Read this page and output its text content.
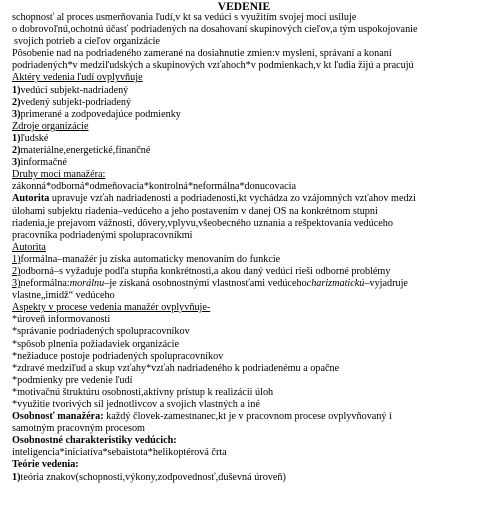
VEDENIE

schopnosť al proces usmerňovania ľudí,v kt sa vedúci s využitím svojej moci usiluje

o dobrovoľnú,ochotnú účasť podriadených na dosahovaní skupinových cieľov,a tým uspokojovanie

svojich potrieb a cieľov organizácie

Pôsobenie nad na podriadeného zamerané na dosiahnutie zmien:v myslení, správaní a konaní

podriadených*v medziľudských a skupinových vzťahoch*v podmienkach,v kt ľudia žijú a pracujú

Aktéry vedenia ľudí ovplyvňuje

1)vedúci subjekt-nadriadený

2)vedený subjekt-podriadený

3)primerané a zodpovedajúce podmienky

Zdroje organizácie

1)ľudské

2)materiálne,energetické,finančné

3)informačné

Druhy moci manažéra:

zákonná*odborná*odmeňovacia*kontrolná*neformálna*donucovacia

Autorita upravuje vzťah nadriadenosti a podriadenosti,kt vychádza zo vzájomných vzťahov medzi

úlohami subjektu riadenia–vedúceho a jeho postavením v danej OS na konkrétnom stupni

riadenia,je prejavom vážnosti, dôvery,vplyvu,všeobecného uznania a rešpektovania vedúceho

pracovníka podriadenými spolupracovníkmi

Autorita

1)formálna–manažér ju získa automaticky menovaním do funkcie

2)odborná–s vyžaduje podľa stupňa konkrétnosti,a akou daný vedúci rieši odborné problémy

3)neformálna:morálnu–je získaná osobnostnými vlastnosťami vedúcehocharizmatickú–vyjadruje

vlastne„imidž“ vedúceho

Aspekty v procese vedenia manažér ovplyvňuje-

*úroveň informovanosti

*správanie podriadených spolupracovníkov

*spôsob plnenia požiadaviek organizácie

*nežiaduce postoje podriadených spolupracovníkov

*zdravé medziľud a skup vzťahy*vzťah nadriadeného k podriadenému a opačne

*podmienky pre vedenie ľudí

*motivačnú štruktúru osobnosti,aktívny prístup k realizácii úloh

*využitie tvorivých síl jednotlivcov a svojich vlastných a iné

Osobnosť manažéra: každý človek-zamestnanec,kt je v pracovnom procese ovplyvňovaný i

samotným pracovným procesom

Osobnostné charakteristiky vedúcich:

inteligencia*iniciatíva*sebaistota*helikoptérová črta

Teórie vedenia:

1)teória znakov(schopnosti,výkony,zodpovednosť,duševná úroveň)
